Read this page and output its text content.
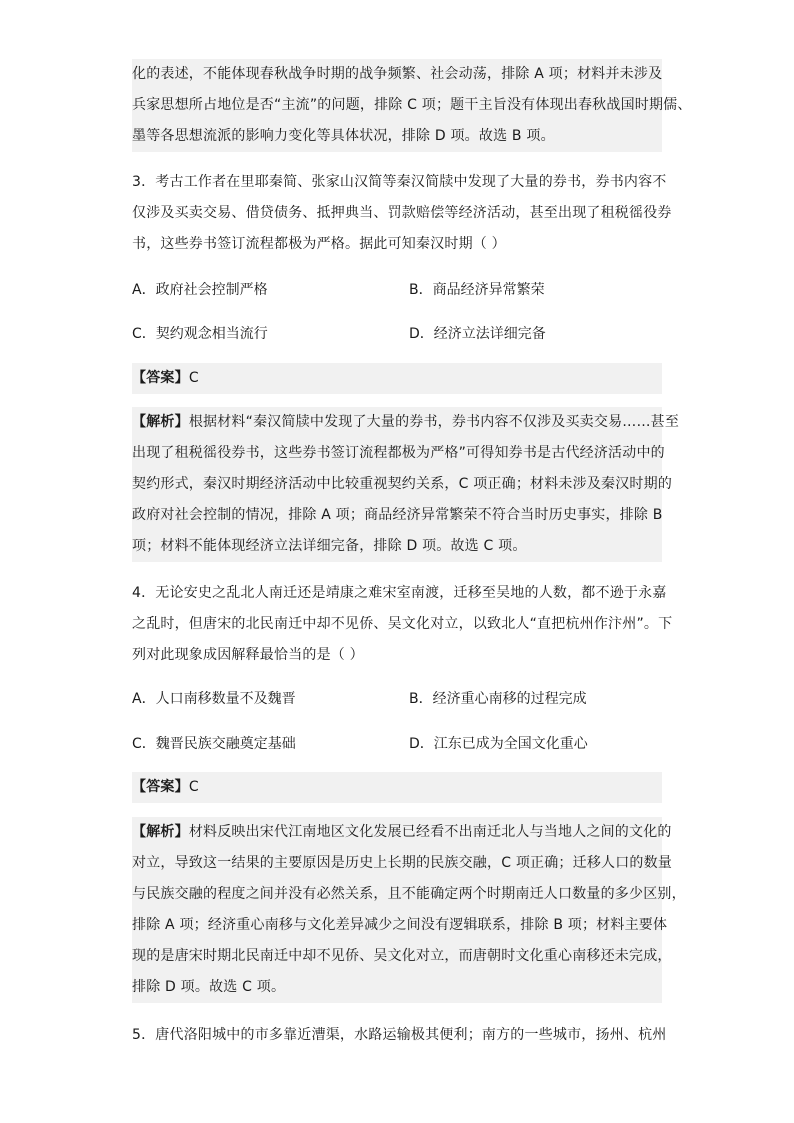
化的表述，不能体现春秋战争时期的战争频繁、社会动荡，排除 A 项；材料并未涉及
兵家思想所占地位是否“主流”的问题，排除 C 项；题干主旨没有体现出春秋战国时期儒、
墨等各思想流派的影响力变化等具体状况，排除 D 项。故选 B 项。
3．考古工作者在里耶秦简、张家山汉简等秦汉简牍中发现了大量的券书，券书内容不
仅涉及买卖交易、借贷债务、抵押典当、罚款赔偿等经济活动，甚至出现了租税徭役券
书，这些券书签订流程都极为严格。据此可知秦汉时期（ ）
A．政府社会控制严格	B．商品经济异常繁荣
C．契约观念相当流行	D．经济立法详细完备
【答案】C
【解析】根据材料“秦汉简牍中发现了大量的券书，券书内容不仅涉及买卖交易……甚至
出现了租税徭役券书，这些券书签订流程都极为严格”可得知券书是古代经济活动中的
契约形式，秦汉时期经济活动中比较重视契约关系，C 项正确；材料未涉及秦汉时期的
政府对社会控制的情况，排除 A 项；商品经济异常繁荣不符合当时历史事实，排除 B
项；材料不能体现经济立法详细完备，排除 D 项。故选 C 项。
4．无论安史之乱北人南迁还是靖康之难宋室南渡，迁移至吴地的人数，都不逊于永嘉
之乱时，但唐宋的北民南迁中却不见侨、吴文化对立，以致北人“直把杭州作汴州”。下
列对此现象成因解释最恰当的是（ ）
A．人口南移数量不及魏晋	B．经济重心南移的过程完成
C．魏晋民族交融奠定基础	D．江东已成为全国文化重心
【答案】C
【解析】材料反映出宋代江南地区文化发展已经看不出南迁北人与当地人之间的文化的
对立，导致这一结果的主要原因是历史上长期的民族交融，C 项正确；迁移人口的数量
与民族交融的程度之间并没有必然关系，且不能确定两个时期南迁人口数量的多少区别，
排除 A 项；经济重心南移与文化差异减少之间没有逻辑联系，排除 B 项；材料主要体
现的是唐宋时期北民南迁中却不见侨、吴文化对立，而唐朝时文化重心南移还未完成，
排除 D 项。故选 C 项。
5．唐代洛阳城中的市多靠近漕渠，水路运输极其便利；南方的一些城市，扬州、杭州
